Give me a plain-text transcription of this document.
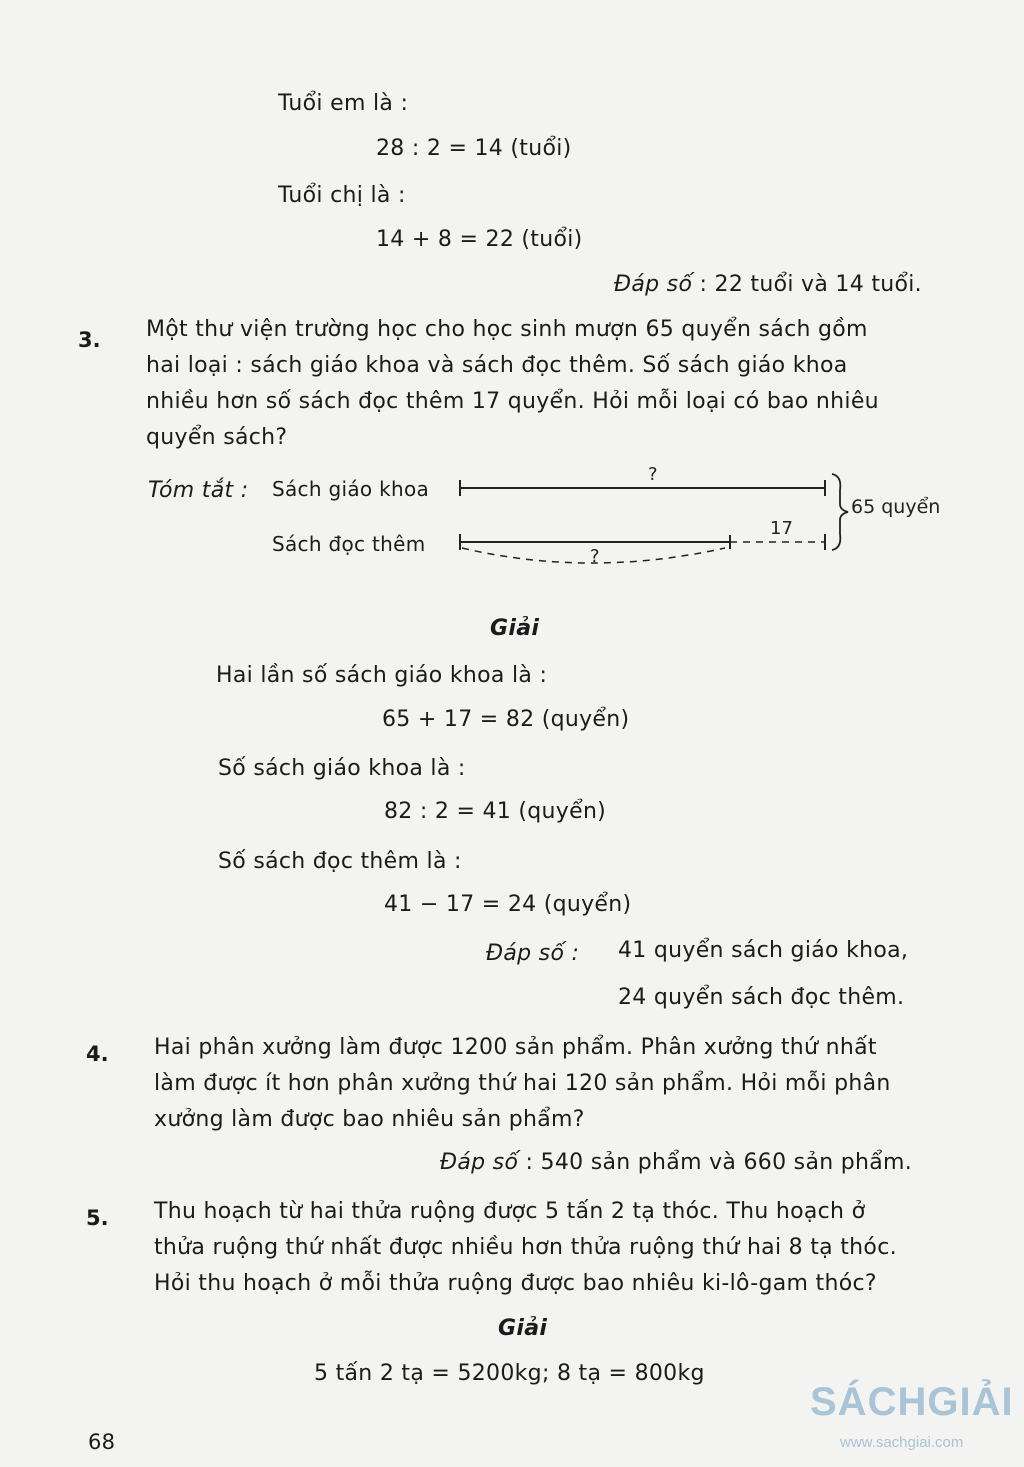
Tuổi em là :
28 : 2 = 14 (tuổi)
Tuổi chị là :
14 + 8 = 22 (tuổi)
Đáp số : 22 tuổi và 14 tuổi.
3. Một thư viện trường học cho học sinh mượn 65 quyển sách gồm
hai loại : sách giáo khoa và sách đọc thêm. Số sách giáo khoa
nhiều hơn số sách đọc thêm 17 quyển. Hỏi mỗi loại có bao nhiêu
quyển sách?
Tóm tắt : Sách giáo khoa
Sách đọc thêm
?
?
17
65 quyển
Giải
Hai lần số sách giáo khoa là :
65 + 17 = 82 (quyển)
Số sách giáo khoa là :
82 : 2 = 41 (quyển)
Số sách đọc thêm là :
41 − 17 = 24 (quyển)
Đáp số : 41 quyển sách giáo khoa,
24 quyển sách đọc thêm.
4. Hai phân xưởng làm được 1200 sản phẩm. Phân xưởng thứ nhất
làm được ít hơn phân xưởng thứ hai 120 sản phẩm. Hỏi mỗi phân
xưởng làm được bao nhiêu sản phẩm?
Đáp số : 540 sản phẩm và 660 sản phẩm.
5. Thu hoạch từ hai thửa ruộng được 5 tấn 2 tạ thóc. Thu hoạch ở
thửa ruộng thứ nhất được nhiều hơn thửa ruộng thứ hai 8 tạ thóc.
Hỏi thu hoạch ở mỗi thửa ruộng được bao nhiêu ki-lô-gam thóc?
Giải
5 tấn 2 tạ = 5200kg; 8 tạ = 800kg
68
SÁCHGIẢI
www.sachgiai.com
